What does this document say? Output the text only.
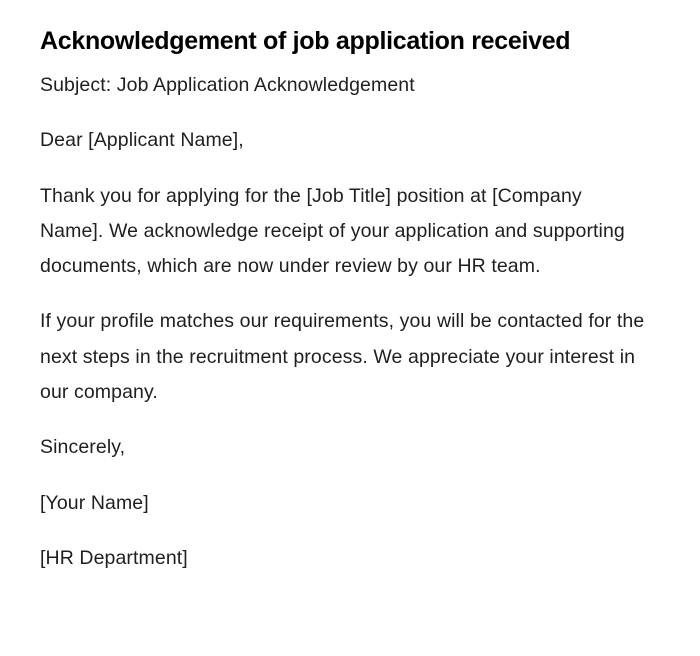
Acknowledgement of job application received

Subject: Job Application Acknowledgement

Dear [Applicant Name],

Thank you for applying for the [Job Title] position at [Company Name]. We acknowledge receipt of your application and supporting documents, which are now under review by our HR team.

If your profile matches our requirements, you will be contacted for the next steps in the recruitment process. We appreciate your interest in our company.

Sincerely,

[Your Name]

[HR Department]
